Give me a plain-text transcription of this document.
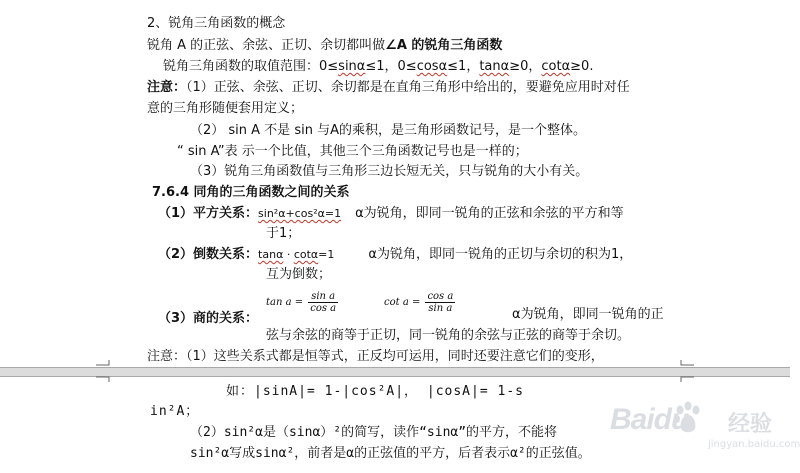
2、锐角三角函数的概念
锐角 A 的正弦、余弦、正切、余切都叫做∠A 的锐角三角函数
锐角三角函数的取值范围：0≤sinα≤1，0≤cosα≤1，tanα≥0，cotα≥0.
注意：（1）正弦、余弦、正切、余切都是在直角三角形中给出的，要避免应用时对任
意的三角形随便套用定义；
（2） sin A 不是 sin 与A的乘积，是三角形函数记号，是一个整体。
“ sin A”表 示一个比值，其他三个三角函数记号也是一样的；
（3）锐角三角函数值与三角形三边长短无关，只与锐角的大小有关。
7.6.4 同角的三角函数之间的关系
（1）平方关系：sin²α+cos²α=1 α为锐角，即同一锐角的正弦和余弦的平方和等
于1；
（2）倒数关系：tanα · cotα=1	α为锐角，即同一锐角的正切与余切的积为1，
互为倒数；
（3）商的关系：
$\tan a = \frac{\text{sin a}}{\text{cos a}}$	$\cot a = \frac{\text{cos a}}{\text{sin a}}$
α为锐角，即同一锐角的正
弦与余弦的商等于正切，同一锐角的余弦与正弦的商等于余切。
注意：（1）这些关系式都是恒等式，正反均可运用，同时还要注意它们的变形，
如：|sinA|= 1-|cos²A|， |cosA|= 1-s
in²A；
（2）sin²α是（sinα）²的简写，读作“sinα”的平方，不能将
sin²α写成sinα²，前者是α的正弦值的平方，后者表示α²的正弦值。
Baidu 经验
jingyan.baidu.com
